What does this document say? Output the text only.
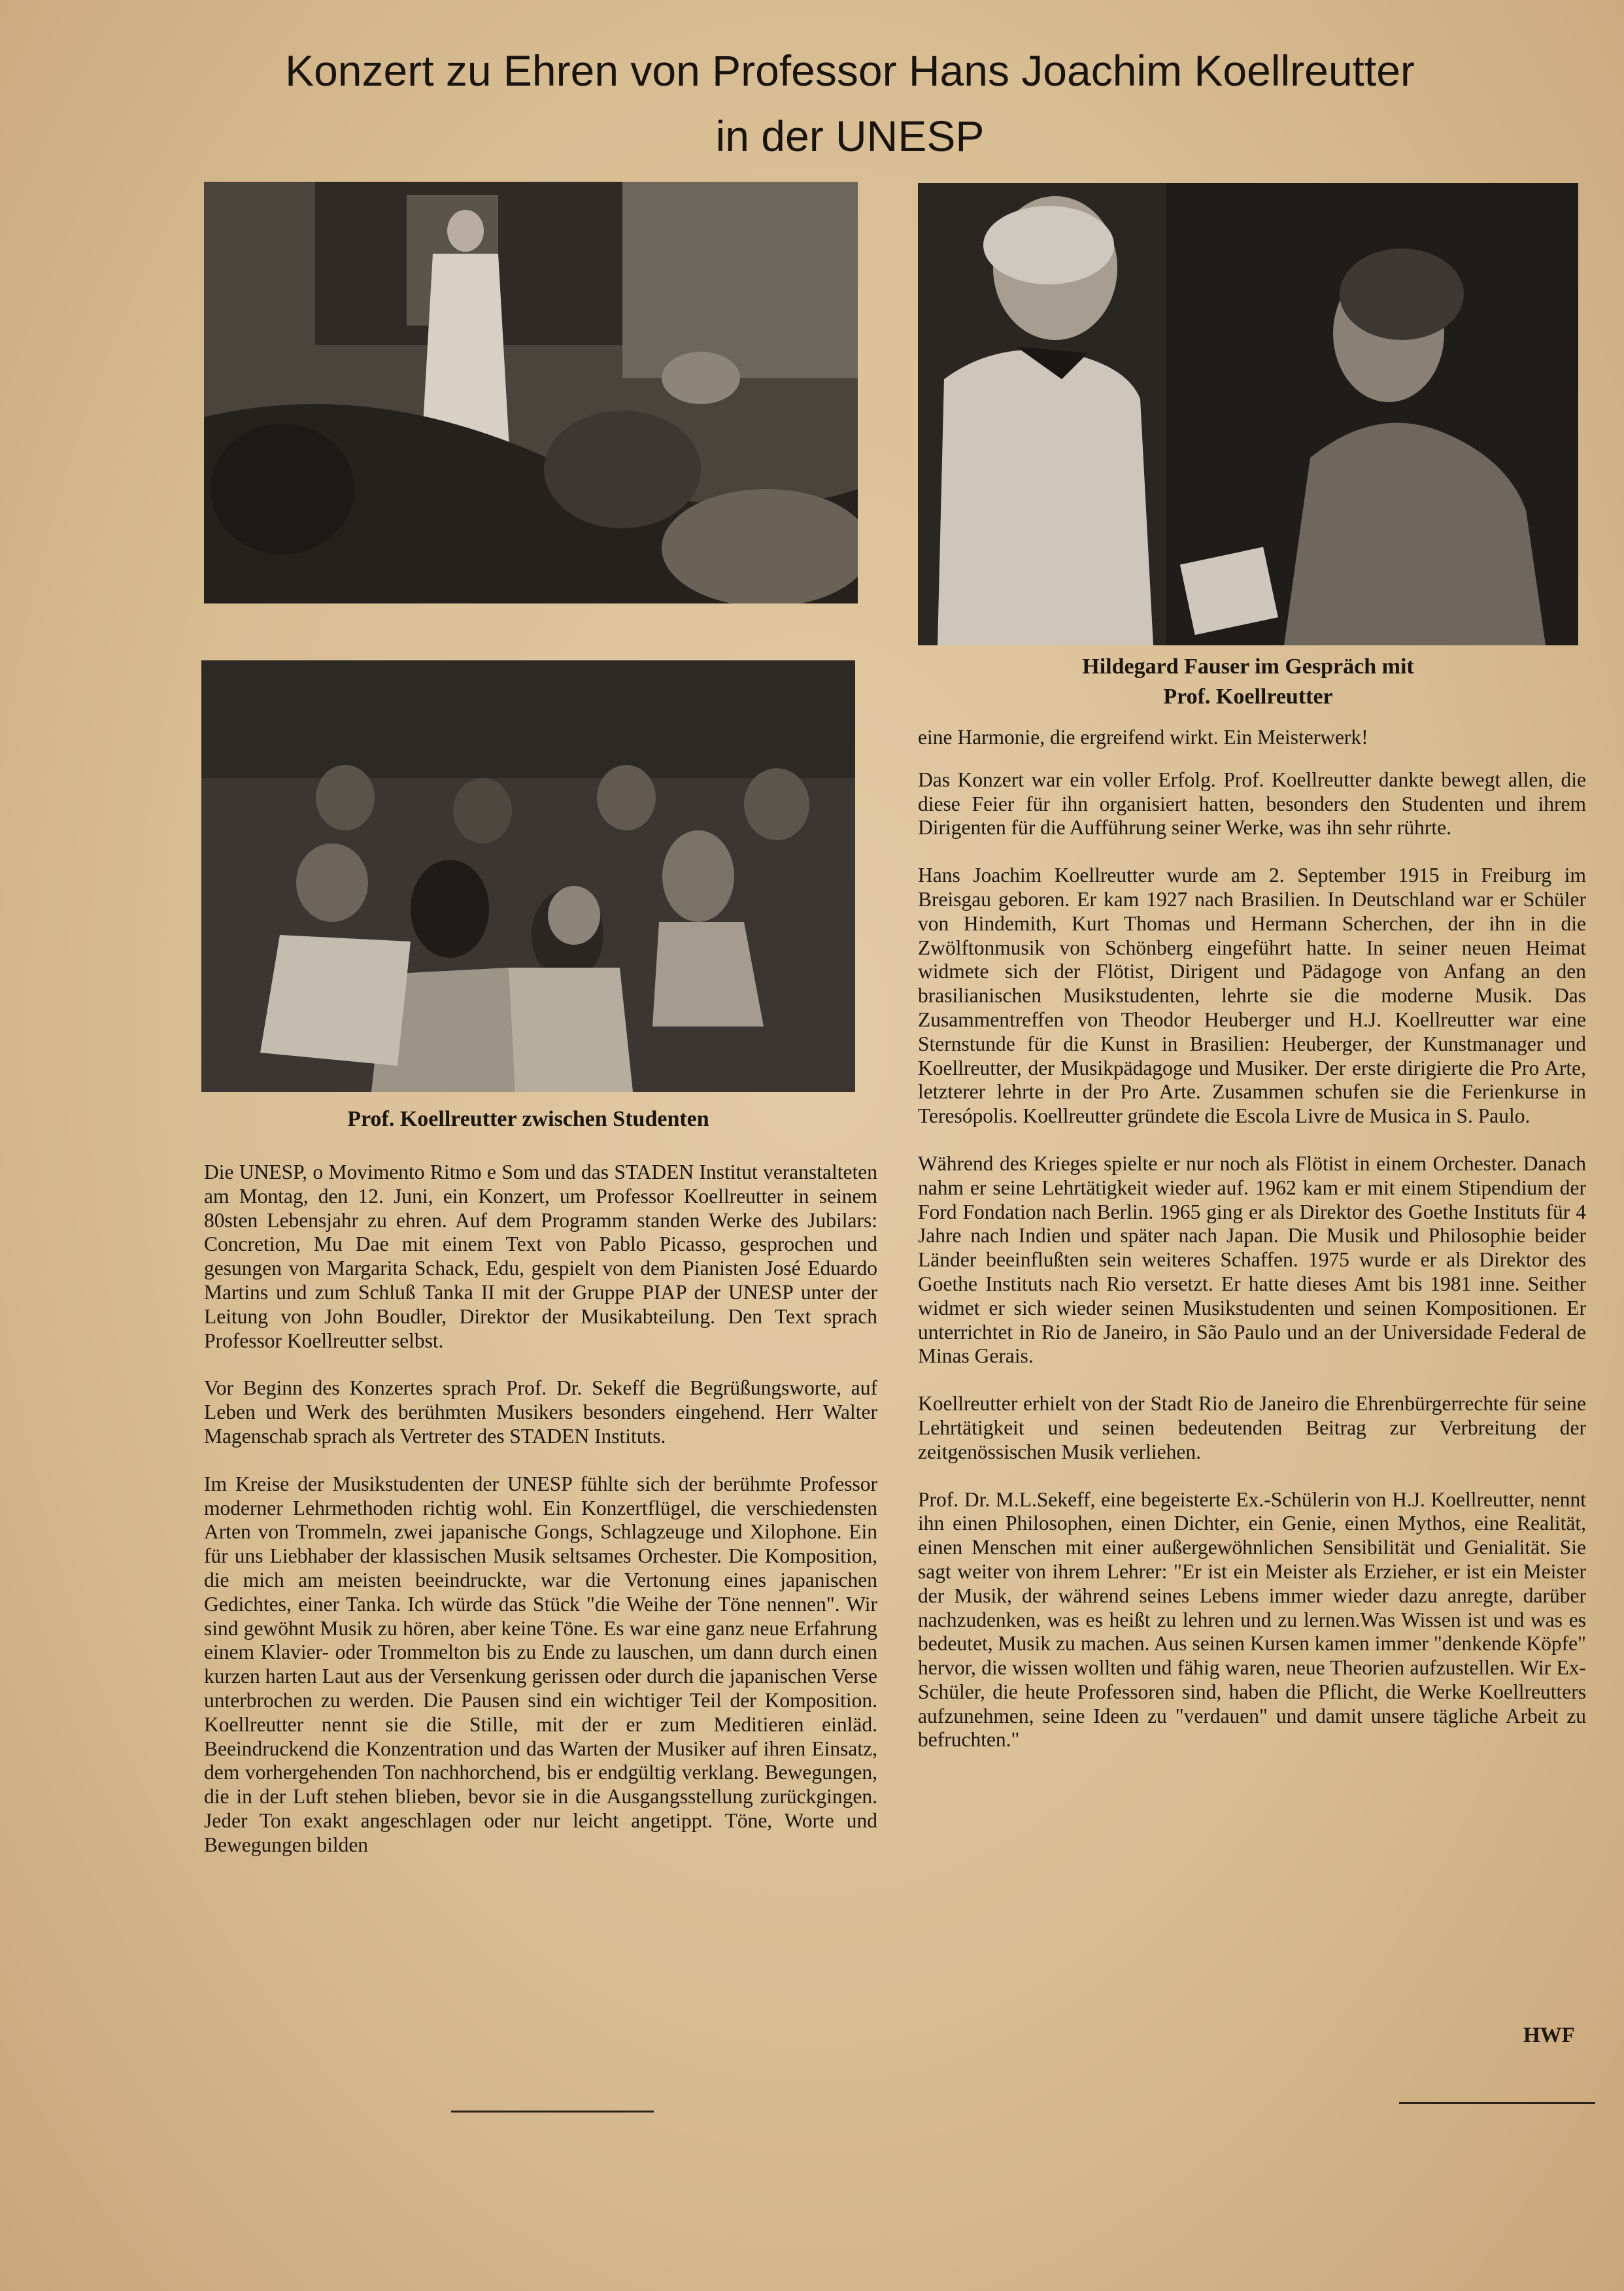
Konzert zu Ehren von Professor Hans Joachim Koellreutter
in der UNESP
Hildegard Fauser im Gespräch mit
Prof. Koellreutter
Prof. Koellreutter zwischen Studenten

Die UNESP, o Movimento Ritmo e Som und das STADEN Institut veranstalteten am Montag, den 12. Juni, ein Konzert, um Professor Koellreutter in seinem 80sten Lebensjahr zu ehren. Auf dem Programm standen Werke des Jubilars: Concretion, Mu Dae mit einem Text von Pablo Picasso, gesprochen und gesungen von Margarita Schack, Edu, gespielt von dem Pianisten José Eduardo Martins und zum Schluß Tanka II mit der Gruppe PIAP der UNESP unter der Leitung von John Boudler, Direktor der Musikabteilung. Den Text sprach Professor Koellreutter selbst.

Vor Beginn des Konzertes sprach Prof. Dr. Sekeff die Begrüßungsworte, auf Leben und Werk des berühmten Musikers besonders eingehend. Herr Walter Magenschab sprach als Vertreter des STADEN Instituts.

Im Kreise der Musikstudenten der UNESP fühlte sich der berühmte Professor moderner Lehrmethoden richtig wohl. Ein Konzertflügel, die verschiedensten Arten von Trommeln, zwei japanische Gongs, Schlagzeuge und Xilophone. Ein für uns Liebhaber der klassischen Musik seltsames Orchester. Die Komposition, die mich am meisten beeindruckte, war die Vertonung eines japanischen Gedichtes, einer Tanka. Ich würde das Stück "die Weihe der Töne nennen". Wir sind gewöhnt Musik zu hören, aber keine Töne. Es war eine ganz neue Erfahrung einem Klavier- oder Trommelton bis zu Ende zu lauschen, um dann durch einen kurzen harten Laut aus der Versenkung gerissen oder durch die japanischen Verse unterbrochen zu werden. Die Pausen sind ein wichtiger Teil der Komposition. Koellreutter nennt sie die Stille, mit der er zum Meditieren einläd. Beeindruckend die Konzentration und das Warten der Musiker auf ihren Einsatz, dem vorhergehenden Ton nachhorchend, bis er endgültig verklang. Bewegungen, die in der Luft stehen blieben, bevor sie in die Ausgangsstellung zurückgingen. Jeder Ton exakt angeschlagen oder nur leicht angetippt. Töne, Worte und Bewegungen bilden

eine Harmonie, die ergreifend wirkt. Ein Meisterwerk!

Das Konzert war ein voller Erfolg. Prof. Koellreutter dankte bewegt allen, die diese Feier für ihn organisiert hatten, besonders den Studenten und ihrem Dirigenten für die Aufführung seiner Werke, was ihn sehr rührte.

Hans Joachim Koellreutter wurde am 2. September 1915 in Freiburg im Breisgau geboren. Er kam 1927 nach Brasilien. In Deutschland war er Schüler von Hindemith, Kurt Thomas und Hermann Scherchen, der ihn in die Zwölftonmusik von Schönberg eingeführt hatte. In seiner neuen Heimat widmete sich der Flötist, Dirigent und Pädagoge von Anfang an den brasilianischen Musikstudenten, lehrte sie die moderne Musik. Das Zusammentreffen von Theodor Heuberger und H.J. Koellreutter war eine Sternstunde für die Kunst in Brasilien: Heuberger, der Kunstmanager und Koellreutter, der Musikpädagoge und Musiker. Der erste dirigierte die Pro Arte, letzterer lehrte in der Pro Arte. Zusammen schufen sie die Ferienkurse in Teresópolis. Koellreutter gründete die Escola Livre de Musica in S. Paulo.

Während des Krieges spielte er nur noch als Flötist in einem Orchester. Danach nahm er seine Lehrtätigkeit wieder auf. 1962 kam er mit einem Stipendium der Ford Fondation nach Berlin. 1965 ging er als Direktor des Goethe Instituts für 4 Jahre nach Indien und später nach Japan. Die Musik und Philosophie beider Länder beeinflußten sein weiteres Schaffen. 1975 wurde er als Direktor des Goethe Instituts nach Rio versetzt. Er hatte dieses Amt bis 1981 inne. Seither widmet er sich wieder seinen Musikstudenten und seinen Kompositionen. Er unterrichtet in Rio de Janeiro, in São Paulo und an der Universidade Federal de Minas Gerais.

Koellreutter erhielt von der Stadt Rio de Janeiro die Ehrenbürgerrechte für seine Lehrtätigkeit und seinen bedeutenden Beitrag zur Verbreitung der zeitgenössischen Musik verliehen.

Prof. Dr. M.L.Sekeff, eine begeisterte Ex.-Schülerin von H.J. Koellreutter, nennt ihn einen Philosophen, einen Dichter, ein Genie, einen Mythos, eine Realität, einen Menschen mit einer außergewöhnlichen Sensibilität und Genialität. Sie sagt weiter von ihrem Lehrer: "Er ist ein Meister als Erzieher, er ist ein Meister der Musik, der während seines Lebens immer wieder dazu anregte, darüber nachzudenken, was es heißt zu lehren und zu lernen.Was Wissen ist und was es bedeutet, Musik zu machen. Aus seinen Kursen kamen immer "denkende Köpfe" hervor, die wissen wollten und fähig waren, neue Theorien aufzustellen. Wir Ex-Schüler, die heute Professoren sind, haben die Pflicht, die Werke Koellreutters aufzunehmen, seine Ideen zu "verdauen" und damit unsere tägliche Arbeit zu befruchten."

HWF
